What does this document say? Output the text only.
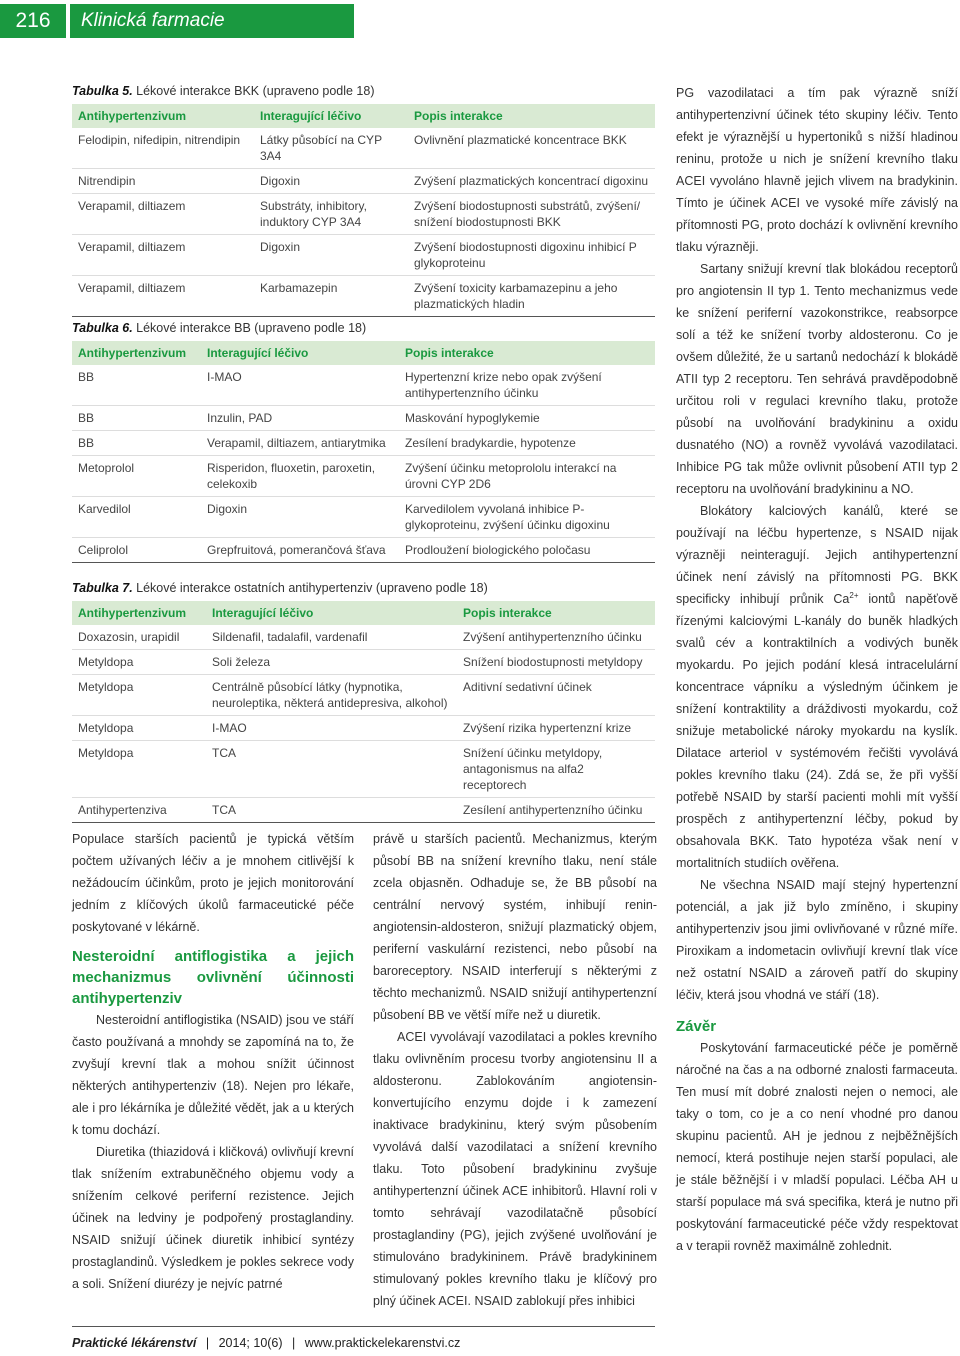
216	Klinická farmacie
Tabulka 5. Lékové interakce BKK (upraveno podle 18)
Antihypertenzivum	Interagující léčivo	Popis interakce
Felodipin, nifedipin, nitrendipin	Látky působící na CYP 3A4	Ovlivnění plazmatické koncentrace BKK
Nitrendipin	Digoxin	Zvýšení plazmatických koncentrací digoxinu
Verapamil, diltiazem	Substráty, inhibitory, induktory CYP 3A4	Zvýšení biodostupnosti substrátů, zvýšení/ snížení biodostupnosti BKK
Verapamil, diltiazem	Digoxin	Zvýšení biodostupnosti digoxinu inhibicí P glykoproteinu
Verapamil, diltiazem	Karbamazepin	Zvýšení toxicity karbamazepinu a jeho plazmatických hladin
Tabulka 6. Lékové interakce BB (upraveno podle 18)
Antihypertenzivum	Interagující léčivo	Popis interakce
BB	I-MAO	Hypertenzní krize nebo opak zvýšení antihypertenzního účinku
BB	Inzulin, PAD	Maskování hypoglykemie
BB	Verapamil, diltiazem, antiarytmika	Zesílení bradykardie, hypotenze
Metoprolol	Risperidon, fluoxetin, paroxetin, celekoxib	Zvýšení účinku metoprololu interakcí na úrovni CYP 2D6
Karvedilol	Digoxin	Karvedilolem vyvolaná inhibice P-glykoproteinu, zvýšení účinku digoxinu
Celiprolol	Grepfruitová, pomerančová šťava	Prodloužení biologického poločasu
Tabulka 7. Lékové interakce ostatních antihypertenziv (upraveno podle 18)
Antihypertenzivum	Interagující léčivo	Popis interakce
Doxazosin, urapidil	Sildenafil, tadalafil, vardenafil	Zvýšení antihypertenzního účinku
Metyldopa	Soli železa	Snížení biodostupnosti metyldopy
Metyldopa	Centrálně působící látky (hypnotika, neuroleptika, některá antidepresiva, alkohol)	Aditivní sedativní účinek
Metyldopa	I-MAO	Zvýšení rizika hypertenzní krize
Metyldopa	TCA	Snížení účinku metyldopy, antagonismus na alfa2 receptorech
Antihypertenziva	TCA	Zesílení antihypertenzního účinku

Populace starších pacientů je typická větším počtem užívaných léčiv a je mnohem citlivější k nežádoucím účinkům, proto je jejich monitorování jedním z klíčových úkolů farmaceutické péče poskytované v lékárně.

Nesteroidní antiflogistika a jejich mechanizmus ovlivnění účinnosti antihypertenziv

Nesteroidní antiflogistika (NSAID) jsou ve stáří často používaná a mnohdy se zapomíná na to, že zvyšují krevní tlak a mohou snížit účinnost některých antihypertenziv (18). Nejen pro lékaře, ale i pro lékárníka je důležité vědět, jak a u kterých k tomu dochází.

Diuretika (thiazidová i kličková) ovlivňují krevní tlak snížením extrabuněčného objemu vody a snížením celkové periferní rezistence. Jejich účinek na ledviny je podpořený prostaglandiny. NSAID snižují účinek diuretik inhibicí syntézy prostaglandinů. Výsledkem je pokles sekrece vody a soli. Snížení diurézy je nejvíc patrné

právě u starších pacientů. Mechanizmus, kterým působí BB na snížení krevního tlaku, není stále zcela objasněn. Odhaduje se, že BB působí na centrální nervový systém, inhibují renin-angiotensin-aldosteron, snižují plazmatický objem, periferní vaskulární rezistenci, nebo působí na baroreceptory. NSAID interferují s některými z těchto mechanizmů. NSAID snižují antihypertenzní působení BB ve větší míře než u diuretik.

ACEI vyvolávají vazodilataci a pokles krevního tlaku ovlivněním procesu tvorby angiotensinu II a aldosteronu. Zablokováním angiotensin-konvertujícího enzymu dojde i k zamezení inaktivace bradykininu, který svým působením vyvolává další vazodilataci a snížení krevního tlaku. Toto působení bradykininu zvyšuje antihypertenzní účinek ACE inhibitorů. Hlavní roli v tomto sehrávají vazodilatačně působící prostaglandiny (PG), jejich zvýšené uvolňování je stimulováno bradykininem. Právě bradykininem stimulovaný pokles krevního tlaku je klíčový pro plný účinek ACEI. NSAID zablokují přes inhibici

PG vazodilataci a tím pak výrazně sníží antihypertenzivní účinek této skupiny léčiv. Tento efekt je výraznější u hypertoniků s nižší hladinou reninu, protože u nich je snížení krevního tlaku ACEI vyvoláno hlavně jejich vlivem na bradykinin. Tímto je účinek ACEI ve vysoké míře závislý na přítomnosti PG, proto dochází k ovlivnění krevního tlaku výrazněji.

Sartany snižují krevní tlak blokádou receptorů pro angiotensin II typ 1. Tento mechanizmus vede ke snížení periferní vazokonstrikce, reabsorpce solí a též ke snížení tvorby aldosteronu. Co je ovšem důležité, že u sartanů nedochází k blokádě ATII typ 2 receptoru. Ten sehrává pravděpodobně určitou roli v regulaci krevního tlaku, protože působí na uvolňování bradykininu a oxidu dusnatého (NO) a rovněž vyvolává vazodilataci. Inhibice PG tak může ovlivnit působení ATII typ 2 receptoru na uvolňování bradykininu a NO.

Blokátory kalciových kanálů, které se používají na léčbu hypertenze, s NSAID nijak výrazněji neinteragují. Jejich antihypertenzní účinek není závislý na přítomnosti PG. BKK specificky inhibují průnik $Ca^{2+}$ iontů napěťově řízenými kalciovými L-kanály do buněk hladkých svalů cév a kontraktilních a vodivých buněk myokardu. Po jejich podání klesá intracelulární koncentrace vápníku a výsledným účinkem je snížení kontraktility a dráždivosti myokardu, což snižuje metabolické nároky myokardu na kyslík. Dilatace arteriol v systémovém řečišti vyvolává pokles krevního tlaku (24). Zdá se, že při vyšší potřebě NSAID by starší pacienti mohli mít vyšší prospěch z antihypertenzní léčby, pokud by obsahovala BKK. Tato hypotéza však není v mortalitních studiích ověřena.

Ne všechna NSAID mají stejný hypertenzní potenciál, a jak již bylo zmíněno, i skupiny antihypertenziv jsou jimi ovlivňované v různé míře. Piroxikam a indometacin ovlivňují krevní tlak více než ostatní NSAID a zároveň patří do skupiny léčiv, která jsou vhodná ve stáří (18).

Závěr

Poskytování farmaceutické péče je poměrně náročné na čas a na odborné znalosti farmaceuta. Ten musí mít dobré znalosti nejen o nemoci, ale taky o tom, co je a co není vhodné pro danou skupinu pacientů. AH je jednou z nejběžnějších nemocí, která postihuje nejen starší populaci, ale je stále běžnější i v mladší populaci. Léčba AH u starší populace má svá specifika, která je nutno při poskytování farmaceutické péče vždy respektovat a v terapii rovněž maximálně zohlednit.

Praktické lékárenství | 2014; 10(6) | www.praktickelekarenstvi.cz
